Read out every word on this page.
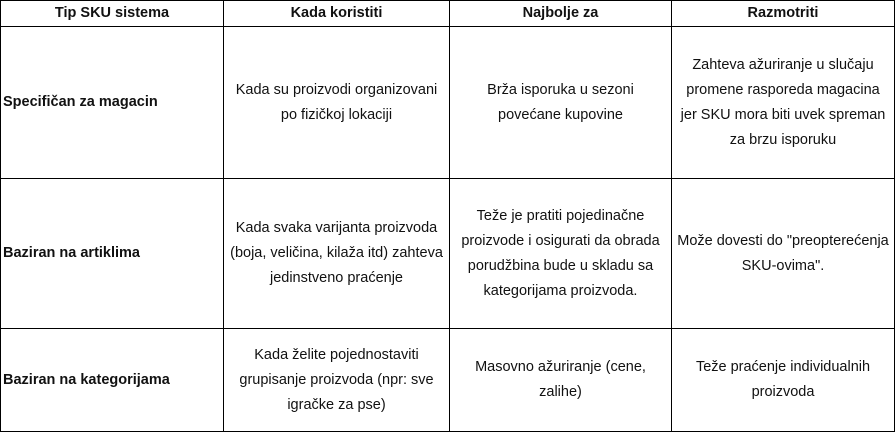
Tip SKU sistema	Kada koristiti	Najbolje za	Razmotriti
Specifičan za magacin	Kada su proizvodi organizovani po fizičkoj lokaciji	Brža isporuka u sezoni povećane kupovine	Zahteva ažuriranje u slučaju promene rasporeda magacina jer SKU mora biti uvek spreman za brzu isporuku
Baziran na artiklima	Kada svaka varijanta proizvoda (boja, veličina, kilaža itd) zahteva jedinstveno praćenje	Teže je pratiti pojedinačne proizvode i osigurati da obrada porudžbina bude u skladu sa kategorijama proizvoda.	Može dovesti do "preopterećenja SKU-ovima".
Baziran na kategorijama	Kada želite pojednostaviti grupisanje proizvoda (npr: sve igračke za pse)	Masovno ažuriranje (cene, zalihe)	Teže praćenje individualnih proizvoda
